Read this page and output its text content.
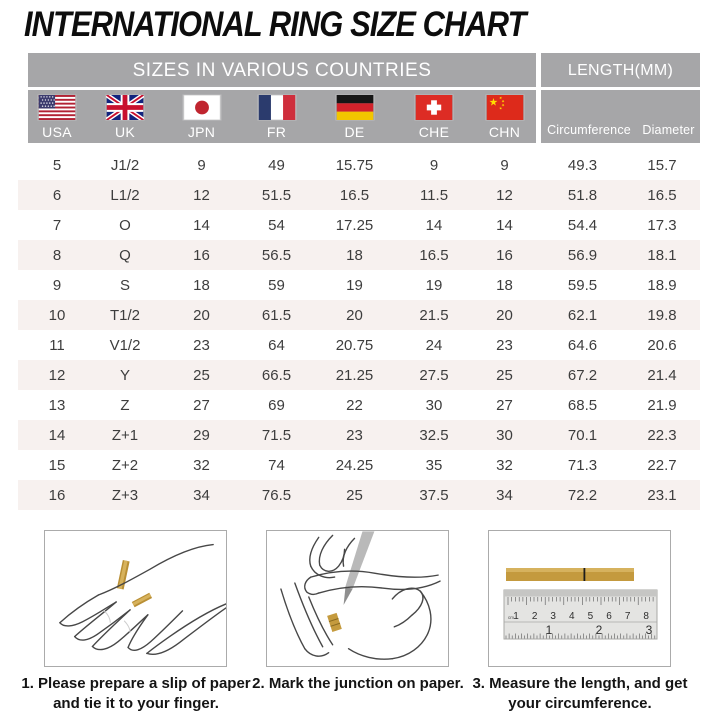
INTERNATIONAL RING SIZE CHART
SIZES IN VARIOUS COUNTRIES	LENGTH(MM)
USA	UK	JPN	FR	DE	CHE	CHN	Circumference Diameter
5	J1/2	9	49	15.75	9	9	49.3	15.7
6	L1/2	12	51.5	16.5	11.5	12	51.8	16.5
7	O	14	54	17.25	14	14	54.4	17.3
8	Q	16	56.5	18	16.5	16	56.9	18.1
9	S	18	59	19	19	18	59.5	18.9
10	T1/2	20	61.5	20	21.5	20	62.1	19.8
11	V1/2	23	64	20.75	24	23	64.6	20.6
12	Y	25	66.5	21.25	27.5	25	67.2	21.4
13	Z	27	69	22	30	27	68.5	21.9
14	Z+1	29	71.5	23	32.5	30	70.1	22.3
15	Z+2	32	74	24.25	35	32	71.3	22.7
16	Z+3	34	76.5	25	37.5	34	72.2	23.1
1. Please prepare a slip of paper and tie it to your finger.
2. Mark the junction on paper.
cm 1 2 3 4 5 6 7 8
1	2	3
3. Measure the length, and get your circumference.
